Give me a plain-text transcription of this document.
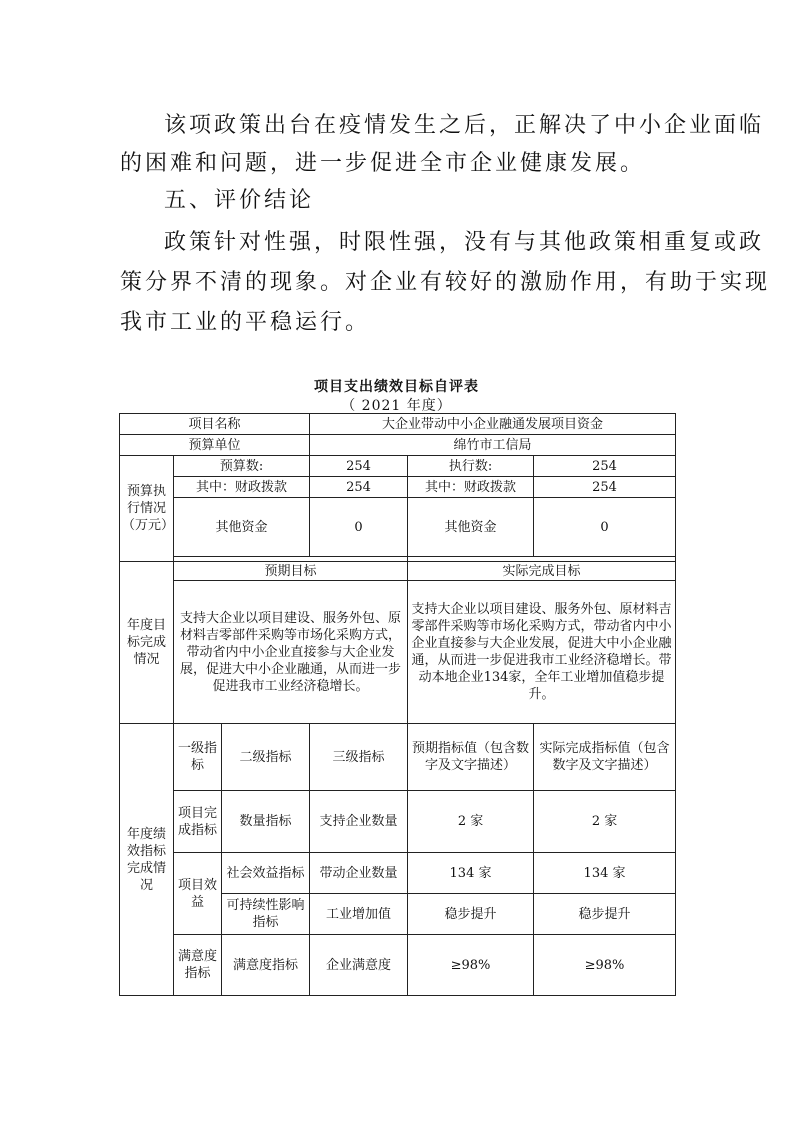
该项政策出台在疫情发生之后，正解决了中小企业面临
的困难和问题，进一步促进全市企业健康发展。
五、评价结论
政策针对性强，时限性强，没有与其他政策相重复或政
策分界不清的现象。对企业有较好的激励作用，有助于实现
我市工业的平稳运行。
项目支出绩效目标自评表
（ 2021 年度）
项目名称			大企业带动中小企业融通发展项目资金		
预算单位			绵竹市工信局		
预算执行情况（万元）	预算数:		254	执行数:	254
	其中：财政拨款		254	其中：财政拨款	254
	其他资金		0	其他资金	0

年度目标完成情况	预期目标			实际完成目标	
	支持大企业以项目建设、服务外包、原材料吉零部件采购等市场化采购方式，带动省内中小企业直接参与大企业发展，促进大中小企业融通，从而进一步促进我市工业经济稳增长。			支持大企业以项目建设、服务外包、原材料吉零部件采购等市场化采购方式，带动省内中小企业直接参与大企业发展，促进大中小企业融通，从而进一步促进我市工业经济稳增长。带动本地企业134家，全年工业增加值稳步提升。	
年度绩效指标完成情况	一级指标	二级指标	三级指标	预期指标值（包含数字及文字描述）	实际完成指标值（包含数字及文字描述）
	项目完成指标	数量指标	支持企业数量	2 家	2 家
	项目效益	社会效益指标	带动企业数量	134 家	134 家
		可持续性影响指标	工业增加值	稳步提升	稳步提升
	满意度指标	满意度指标	企业满意度	≥98%	≥98%
